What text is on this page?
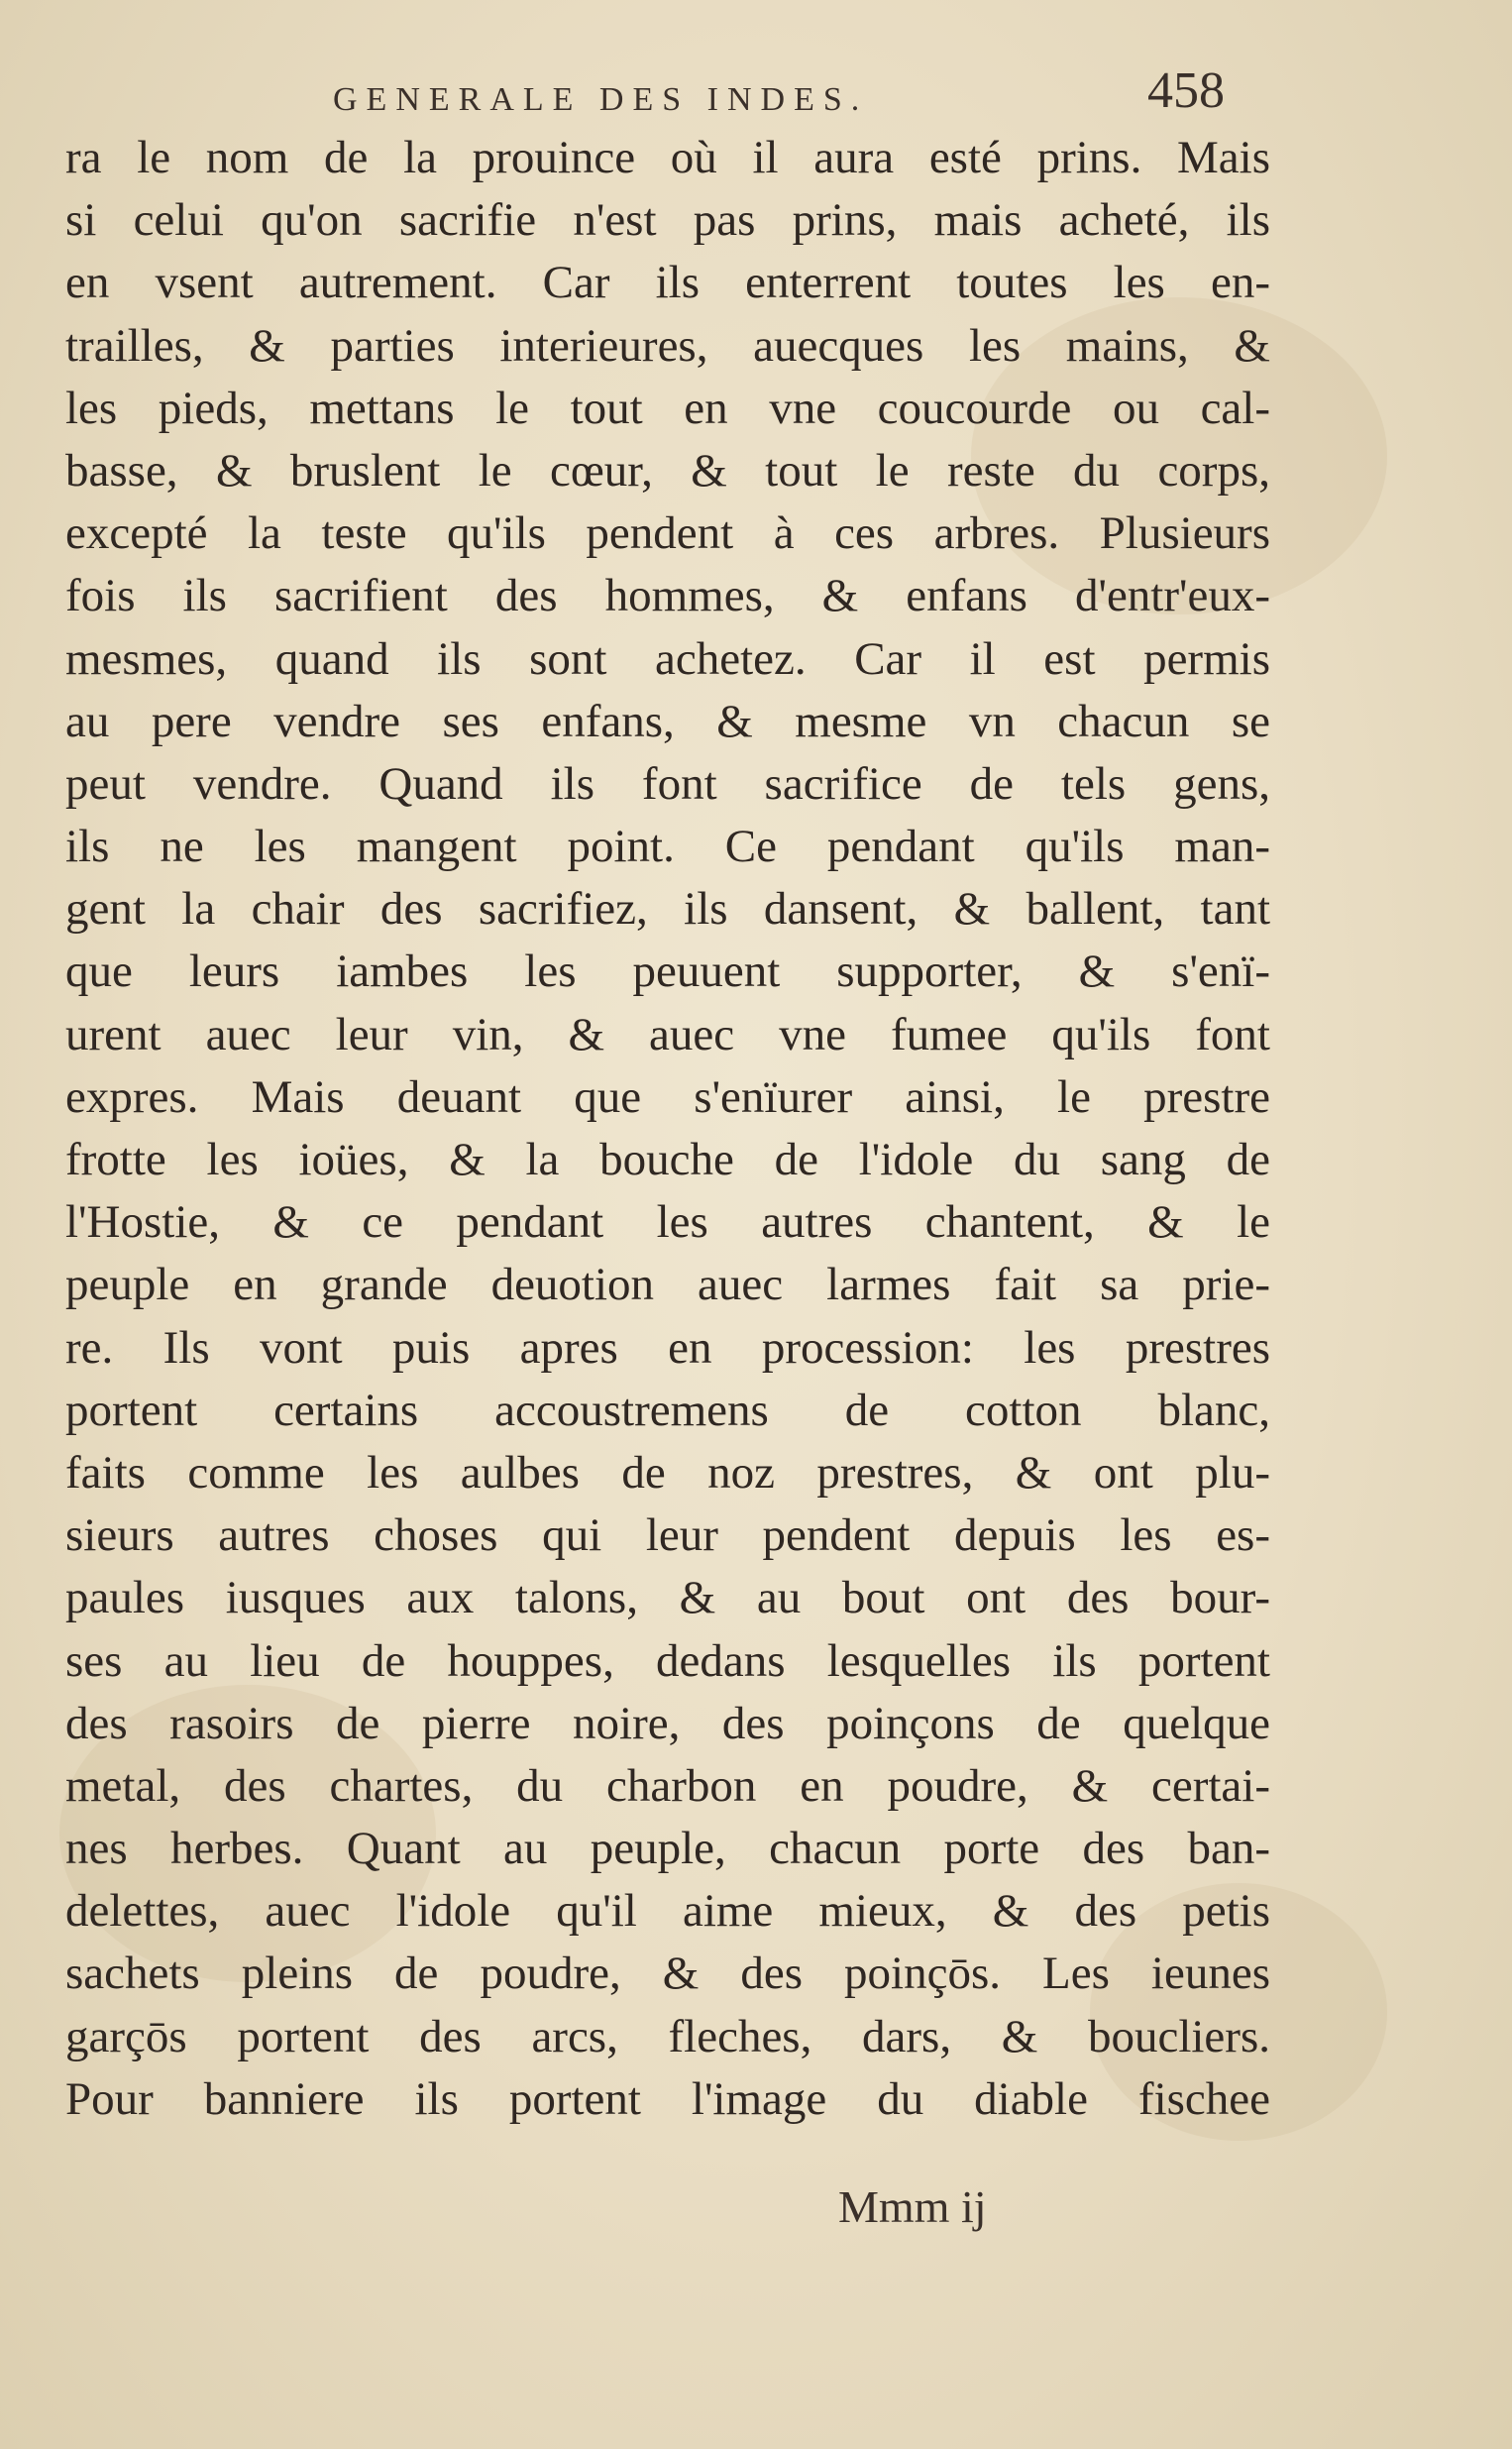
GENERALE DES INDES.	458
ra le nom de la prouince où il aura esté prins. Mais
si celui qu'on sacrifie n'est pas prins, mais acheté, ils
en vsent autrement. Car ils enterrent toutes les en-
trailles, & parties interieures, auecques les mains, &
les pieds, mettans le tout en vne coucourde ou cal-
basse, & bruslent le cœur, & tout le reste du corps,
excepté la teste qu'ils pendent à ces arbres. Plusieurs
fois ils sacrifient des hommes, & enfans d'entr'eux-
mesmes, quand ils sont achetez. Car il est permis
au pere vendre ses enfans, & mesme vn chacun se
peut vendre. Quand ils font sacrifice de tels gens,
ils ne les mangent point. Ce pendant qu'ils man-
gent la chair des sacrifiez, ils dansent, & ballent, tant
que leurs iambes les peuuent supporter, & s'enï-
urent auec leur vin, & auec vne fumee qu'ils font
expres. Mais deuant que s'enïurer ainsi, le prestre
frotte les ioües, & la bouche de l'idole du sang de
l'Hostie, & ce pendant les autres chantent, & le
peuple en grande deuotion auec larmes fait sa prie-
re. Ils vont puis apres en procession: les prestres
portent certains accoustremens de cotton blanc,
faits comme les aulbes de noz prestres, & ont plu-
sieurs autres choses qui leur pendent depuis les es-
paules iusques aux talons, & au bout ont des bour-
ses au lieu de houppes, dedans lesquelles ils portent
des rasoirs de pierre noire, des poinçons de quelque
metal, des chartes, du charbon en poudre, & certai-
nes herbes. Quant au peuple, chacun porte des ban-
delettes, auec l'idole qu'il aime mieux, & des petis
sachets pleins de poudre, & des poinçōs. Les ieunes
garçōs portent des arcs, fleches, dars, & boucliers.
Pour banniere ils portent l'image du diable fischee
Mmm ij
